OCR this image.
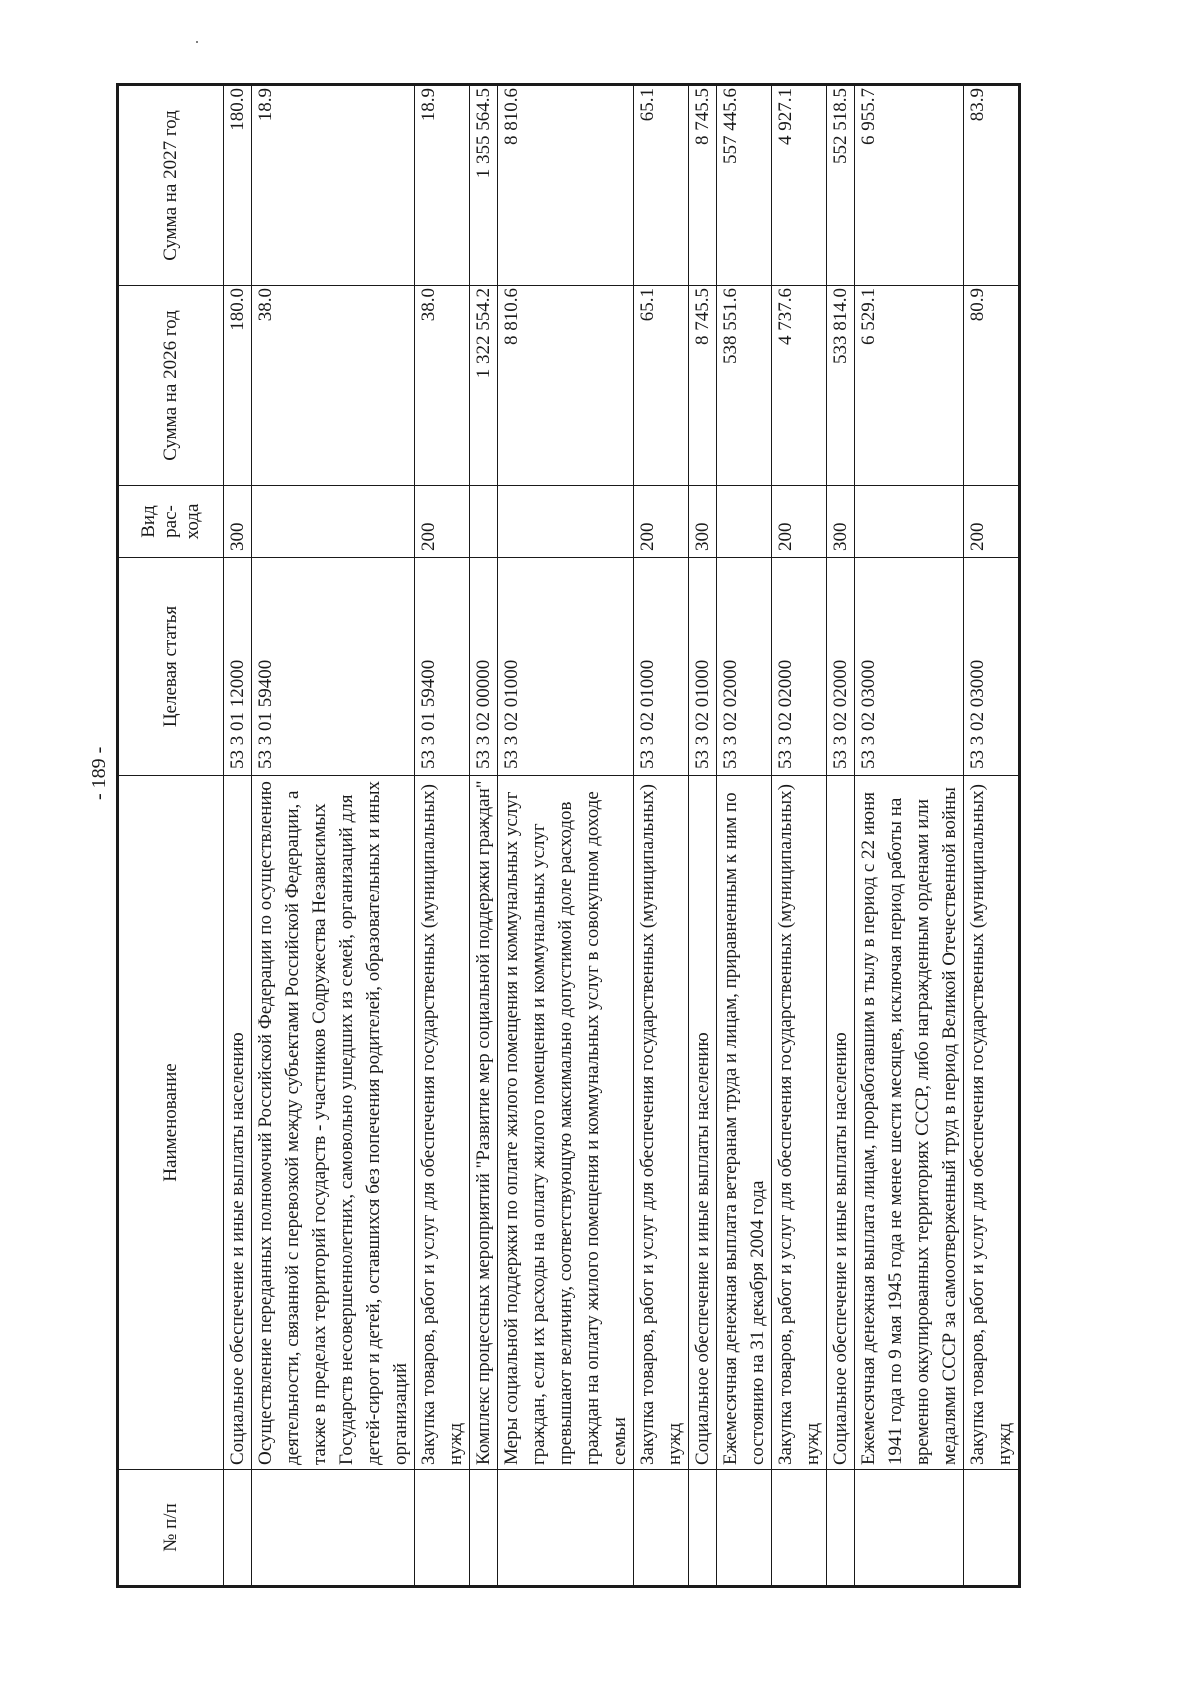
- 189 -
№ п/п	Наименование	Целевая статья	Вид рас- хода	Сумма на 2026 год	Сумма на 2027 год
	Социальное обеспечение и иные выплаты населению	53 3 01 12000	300	180.0	180.0
	Осуществление переданных полномочий Российской Федерации по осуществлению деятельности, связанной с перевозкой между субъектами Российской Федерации, а также в пределах территорий государств - участников Содружества Независимых Государств несовершеннолетних, самовольно ушедших из семей, организаций для детей-сирот и детей, оставшихся без попечения родителей, образовательных и иных организаций	53 3 01 59400		38.0	18.9
	Закупка товаров, работ и услуг для обеспечения государственных (муниципальных) нужд	53 3 01 59400	200	38.0	18.9
	Комплекс процессных мероприятий "Развитие мер социальной поддержки граждан"	53 3 02 00000		1 322 554.2	1 355 564.5
	Меры социальной поддержки по оплате жилого помещения и коммунальных услуг граждан, если их расходы на оплату жилого помещения и коммунальных услуг превышают величину, соответствующую максимально допустимой доле расходов граждан на оплату жилого помещения и коммунальных услуг в совокупном доходе семьи	53 3 02 01000		8 810.6	8 810.6
	Закупка товаров, работ и услуг для обеспечения государственных (муниципальных) нужд	53 3 02 01000	200	65.1	65.1
	Социальное обеспечение и иные выплаты населению	53 3 02 01000	300	8 745.5	8 745.5
	Ежемесячная денежная выплата ветеранам труда и лицам, приравненным к ним по состоянию на 31 декабря 2004 года	53 3 02 02000		538 551.6	557 445.6
	Закупка товаров, работ и услуг для обеспечения государственных (муниципальных) нужд	53 3 02 02000	200	4 737.6	4 927.1
	Социальное обеспечение и иные выплаты населению	53 3 02 02000	300	533 814.0	552 518.5
	Ежемесячная денежная выплата лицам, проработавшим в тылу в период с 22 июня 1941 года по 9 мая 1945 года не менее шести месяцев, исключая период работы на временно оккупированных территориях СССР, либо награжденным орденами или медалями СССР за самоотверженный труд в период Великой Отечественной войны	53 3 02 03000		6 529.1	6 955.7
	Закупка товаров, работ и услуг для обеспечения государственных (муниципальных) нужд	53 3 02 03000	200	80.9	83.9
